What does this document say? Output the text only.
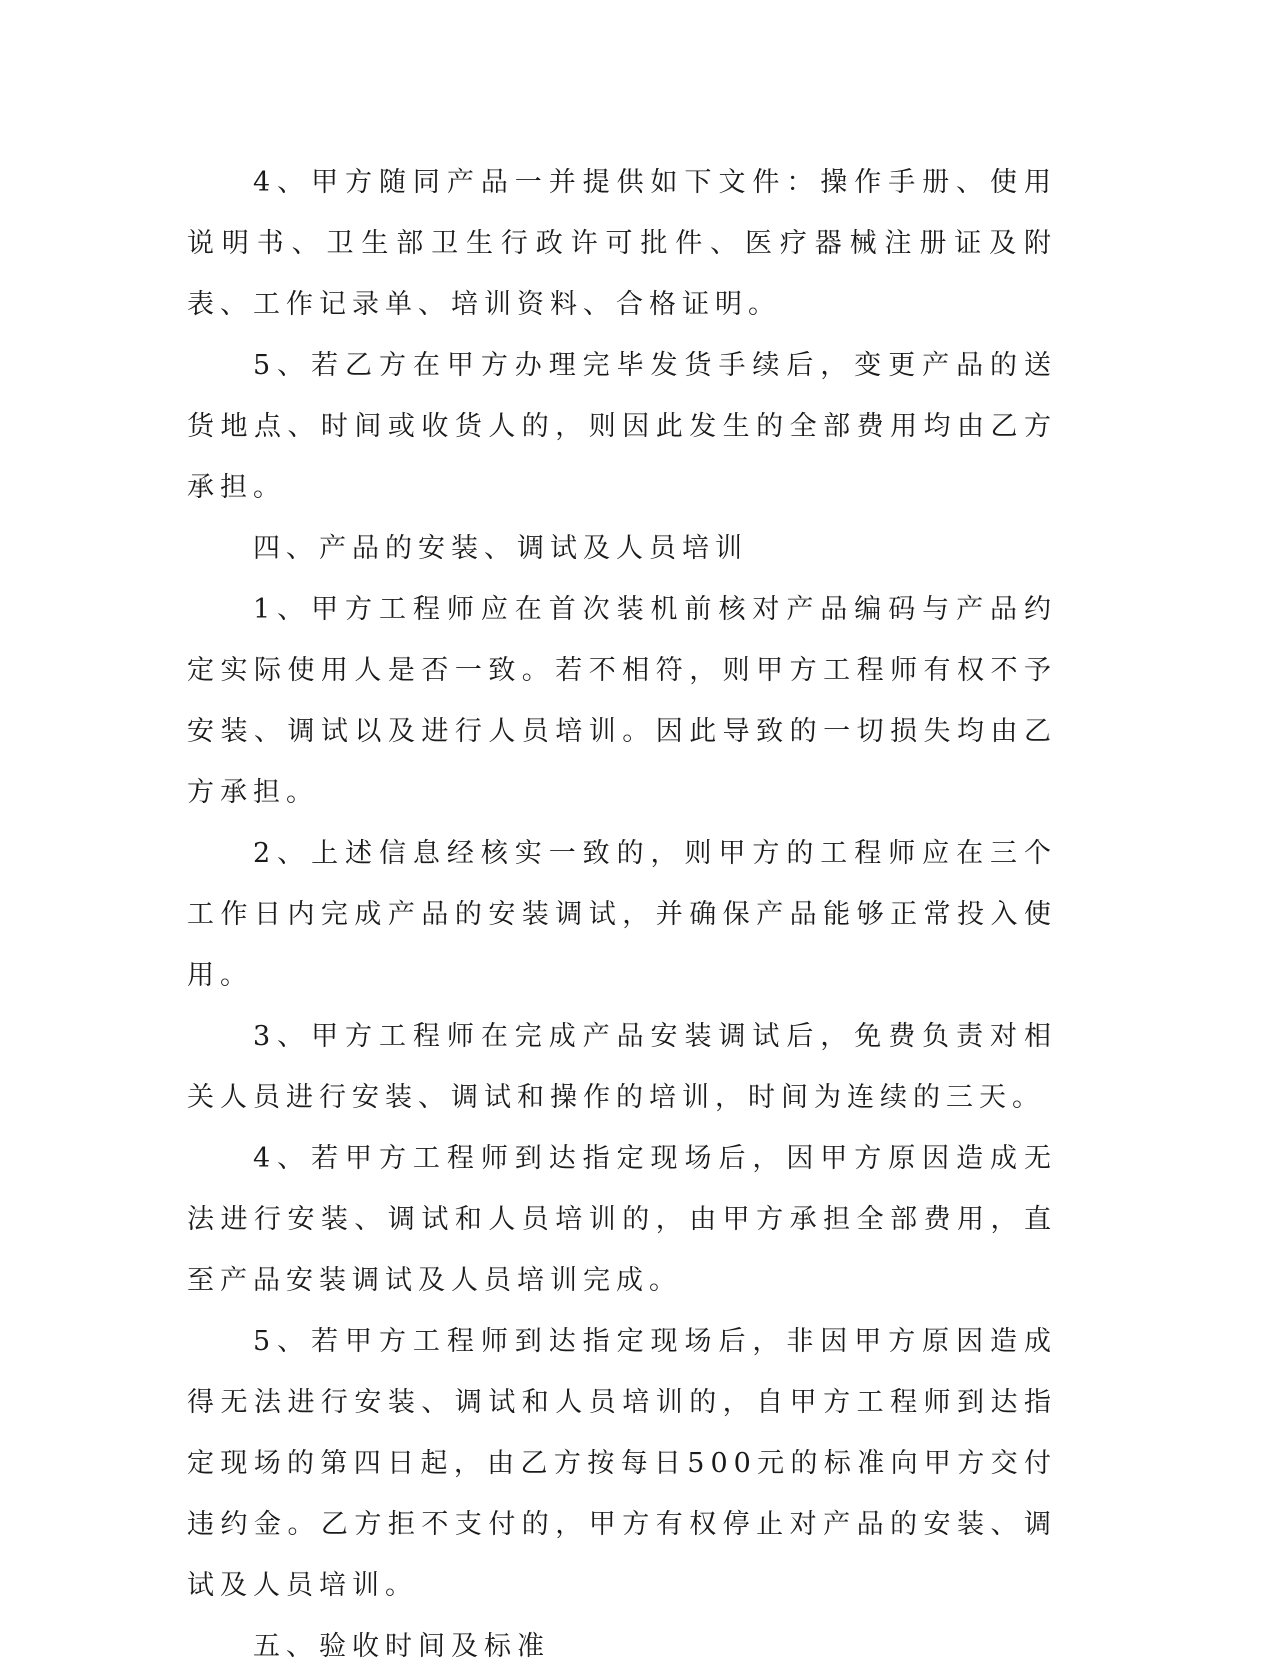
4、甲方随同产品一并提供如下文件：操作手册、使用说明书、卫生部卫生行政许可批件、医疗器械注册证及附表、工作记录单、培训资料、合格证明。

5、若乙方在甲方办理完毕发货手续后，变更产品的送货地点、时间或收货人的，则因此发生的全部费用均由乙方承担。

四、产品的安装、调试及人员培训

1、甲方工程师应在首次装机前核对产品编码与产品约定实际使用人是否一致。若不相符，则甲方工程师有权不予安装、调试以及进行人员培训。因此导致的一切损失均由乙方承担。

2、上述信息经核实一致的，则甲方的工程师应在三个工作日内完成产品的安装调试，并确保产品能够正常投入使用。

3、甲方工程师在完成产品安装调试后，免费负责对相关人员进行安装、调试和操作的培训，时间为连续的三天。

4、若甲方工程师到达指定现场后，因甲方原因造成无法进行安装、调试和人员培训的，由甲方承担全部费用，直至产品安装调试及人员培训完成。

5、若甲方工程师到达指定现场后，非因甲方原因造成得无法进行安装、调试和人员培训的，自甲方工程师到达指定现场的第四日起，由乙方按每日500元的标准向甲方交付违约金。乙方拒不支付的，甲方有权停止对产品的安装、调试及人员培训。

五、验收时间及标准
